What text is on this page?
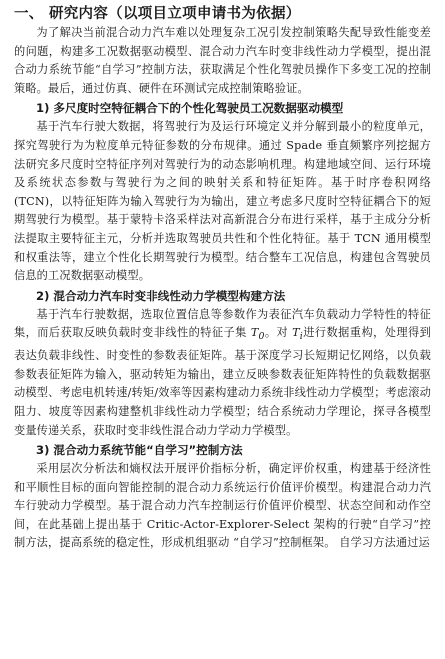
一、 研究内容（以项目立项申请书为依据）

为了解决当前混合动力汽车难以处理复杂工况引发控制策略失配导致性能变差的问题，构建多工况数据驱动模型、混合动力汽车时变非线性动力学模型，提出混合动力系统节能“自学习”控制方法，获取满足个性化驾驶员操作下多变工况的控制策略。最后，通过仿真、硬件在环测试完成控制策略验证。

1) 多尺度时空特征耦合下的个性化驾驶员工况数据驱动模型

基于汽车行驶大数据，将驾驶行为及运行环境定义并分解到最小的粒度单元，探究驾驶行为为粒度单元特征参数的分布规律。通过 Spade 垂直频繁序列挖掘方法研究多尺度时空特征序列对驾驶行为的动态影响机理。构建地域空间、运行环境及系统状态参数与驾驶行为之间的映射关系和特征矩阵。基于时序卷积网络(TCN)，以特征矩阵为输入驾驶行为为输出，建立考虑多尺度时空特征耦合下的短期驾驶行为模型。基于蒙特卡洛采样法对高新混合分布进行采样，基于主成分分析法提取主要特征主元，分析并选取驾驶员共性和个性化特征。基于 TCN 通用模型和权重法等，建立个性化长期驾驶行为模型。结合整车工况信息，构建包含驾驶员信息的工况数据驱动模型。

2) 混合动力汽车时变非线性动力学模型构建方法

基于汽车行驶数据，选取位置信息等参数作为表征汽车负载动力学特性的特征集，而后获取反映负载时变非线性的特征子集 $T_0$。对 $T_i$进行数据重构，处理得到表达负载非线性、时变性的参数表征矩阵。基于深度学习长短期记忆网络，以负载参数表征矩阵为输入，驱动转矩为输出，建立反映参数表征矩阵特性的负载数据驱动模型、考虑电机转速/转矩/效率等因素构建动力系统非线性动力学模型；考虑滚动阻力、坡度等因素构建整机非线性动力学模型；结合系统动力学理论，探寻各模型变量传递关系，获取时变非线性混合动力学动力学模型。

3) 混合动力系统节能“自学习”控制方法

采用层次分析法和熵权法开展评价指标分析，确定评价权重，构建基于经济性和平顺性目标的面向智能控制的混合动力系统运行价值评价模型。构建混合动力汽车行驶动力学模型。基于混合动力汽车控制运行价值评价模型、状态空间和动作空间，在此基础上提出基于 Critic-Actor-Explorer-Select 架构的行驶“自学习”控制方法，提高系统的稳定性，形成机组驱动 “自学习”控制框架。 自学习方法通过运
